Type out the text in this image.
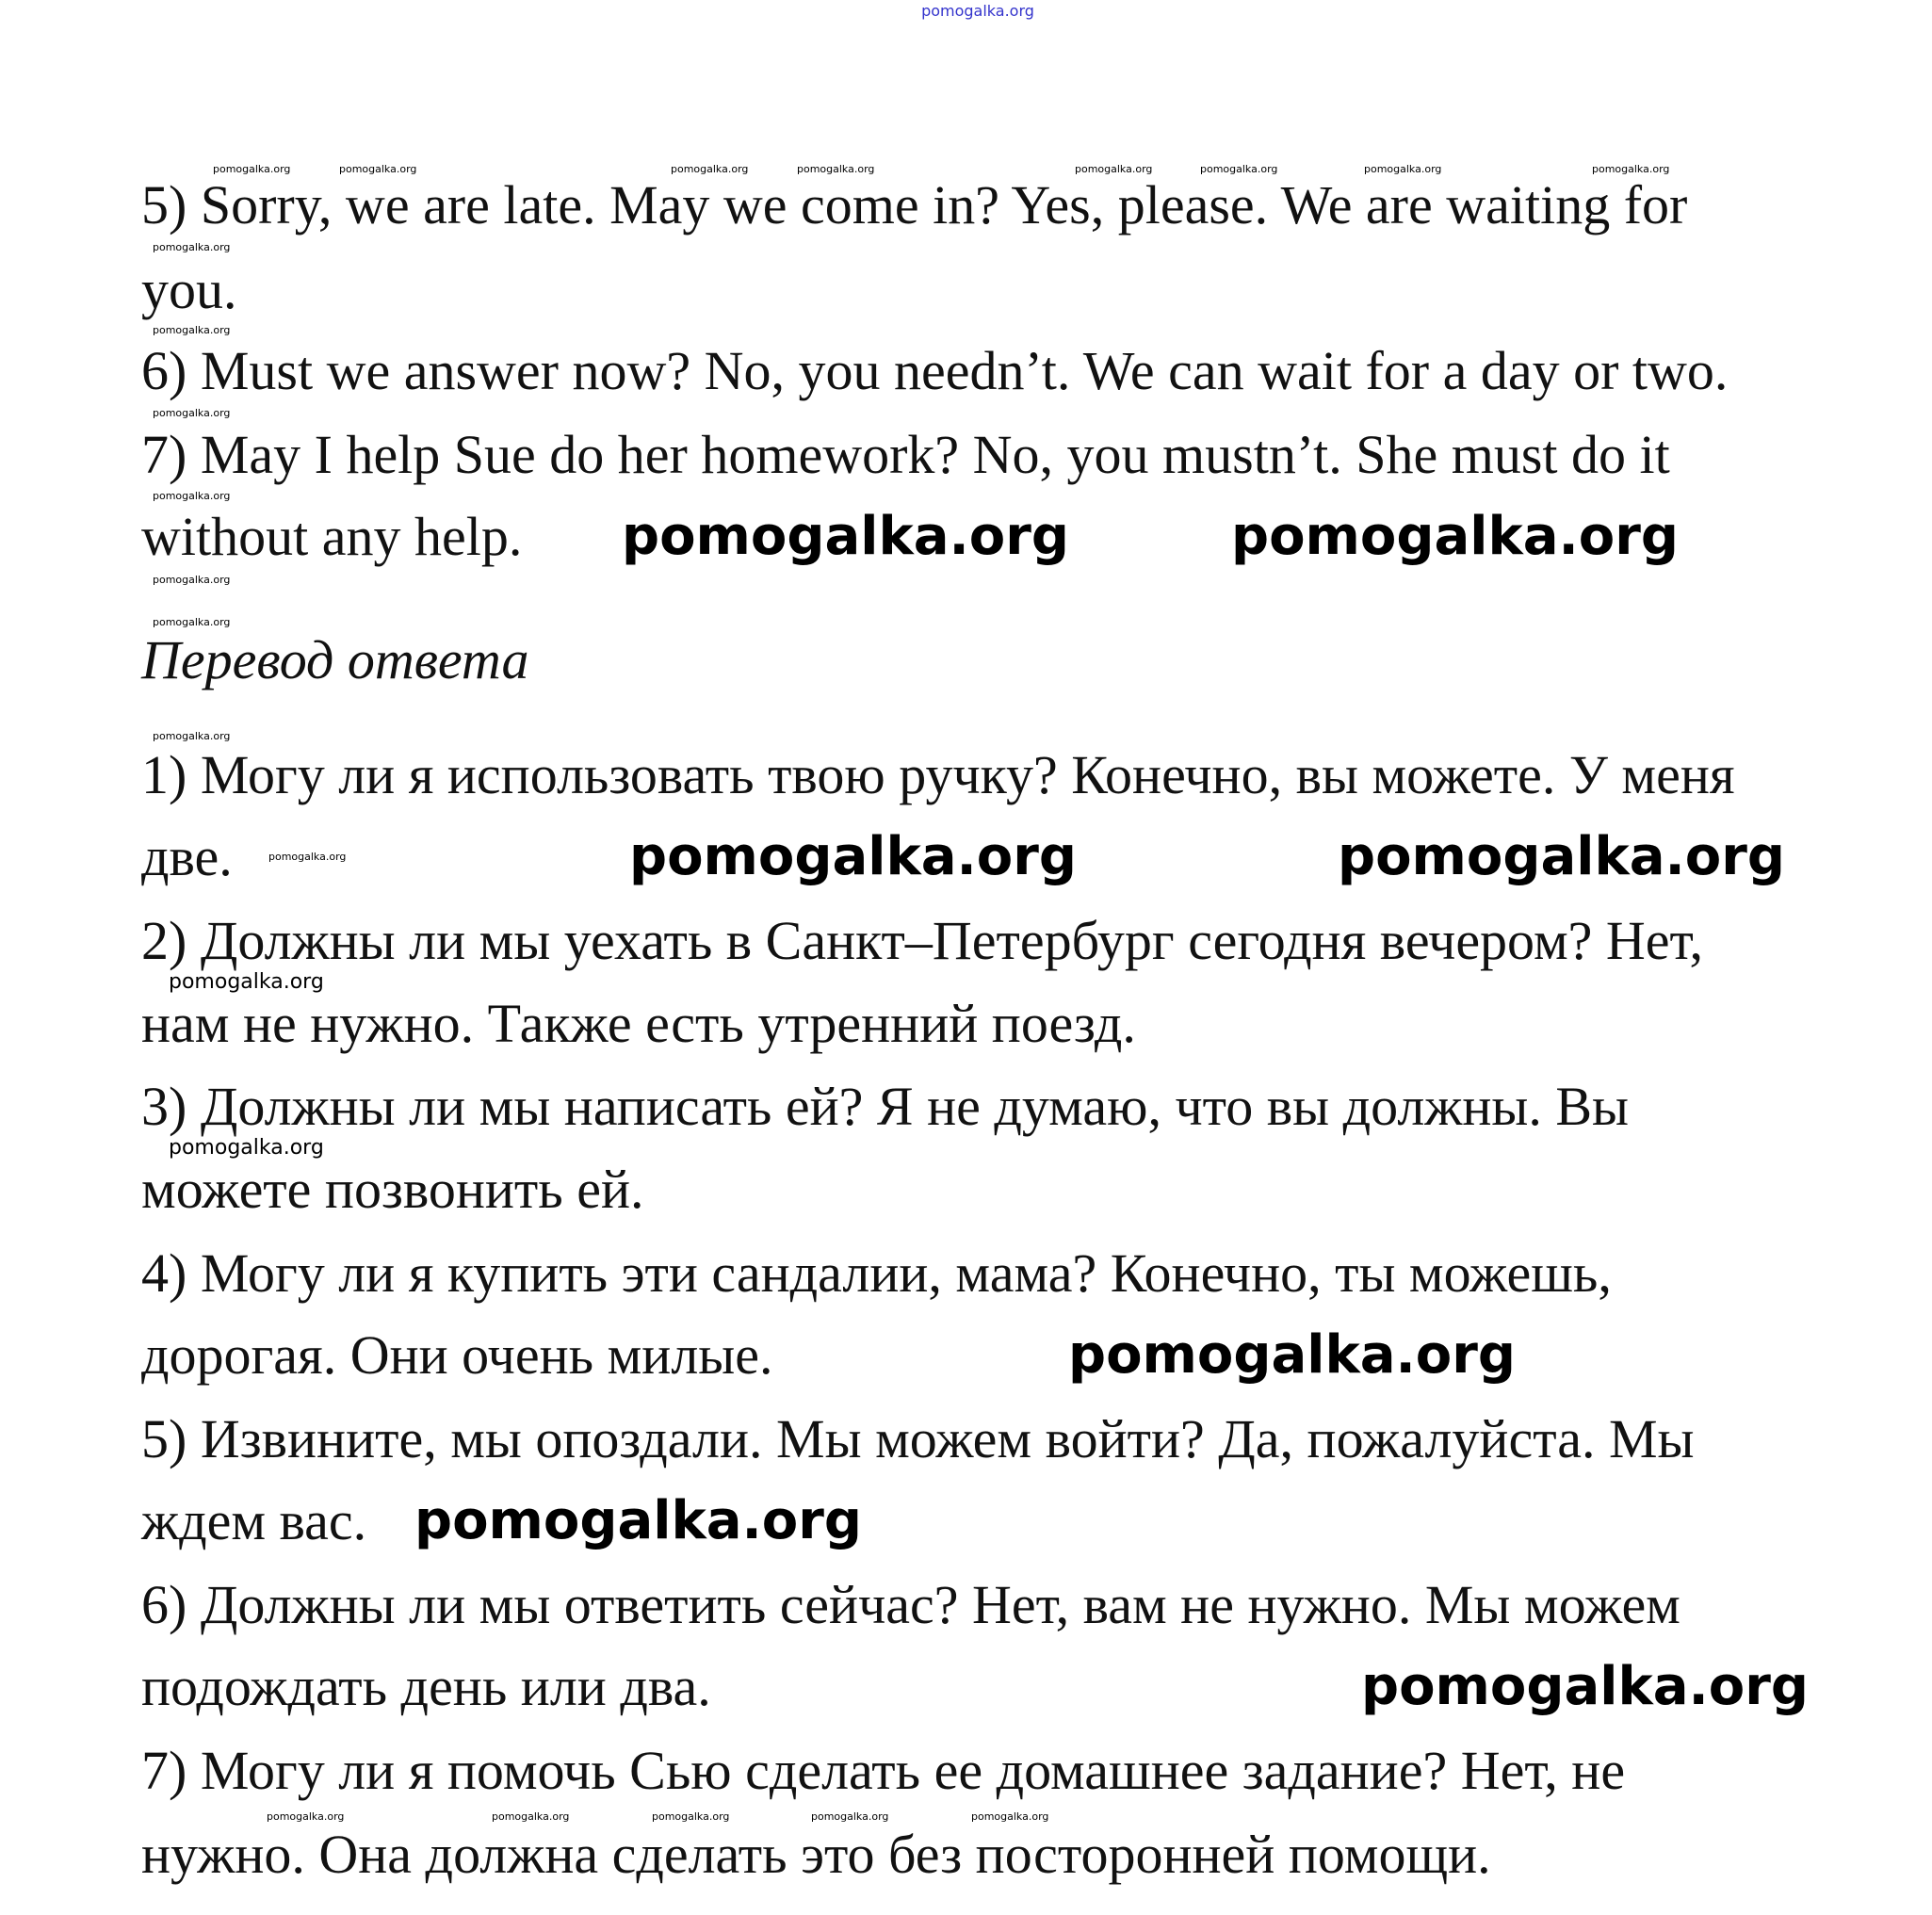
pomogalka.org
5) Sorry, we are late. May we come in? Yes, please. We are waiting for
you.
6) Must we answer now? No, you needn’t. We can wait for a day or two.
7) May I help Sue do her homework? No, you mustn’t. She must do it
without any help.
Перевод ответа
1) Могу ли я использовать твою ручку? Конечно, вы можете. У меня
две.
2) Должны ли мы уехать в Санкт–Петербург сегодня вечером? Нет,
нам не нужно. Также есть утренний поезд.
3) Должны ли мы написать ей? Я не думаю, что вы должны. Вы
можете позвонить ей.
4) Могу ли я купить эти сандалии, мама? Конечно, ты можешь,
дорогая. Они очень милые.
5) Извините, мы опоздали. Мы можем войти? Да, пожалуйста. Мы
ждем вас.
6) Должны ли мы ответить сейчас? Нет, вам не нужно. Мы можем
подождать день или два.
7) Могу ли я помочь Сью сделать ее домашнее задание? Нет, не
нужно. Она должна сделать это без посторонней помощи.
pomogalka.org	pomogalka.org
pomogalka.org	pomogalka.org
pomogalka.org
pomogalka.org
pomogalka.org
pomogalka.org
pomogalka.org
pomogalka.org	pomogalka.org	pomogalka.org	pomogalka.org	pomogalka.org	pomogalka.org	pomogalka.org	pomogalka.org
pomogalka.org
pomogalka.org
pomogalka.org
pomogalka.org
pomogalka.org
pomogalka.org
pomogalka.org
pomogalka.org
pomogalka.org	pomogalka.org	pomogalka.org	pomogalka.org	pomogalka.org
